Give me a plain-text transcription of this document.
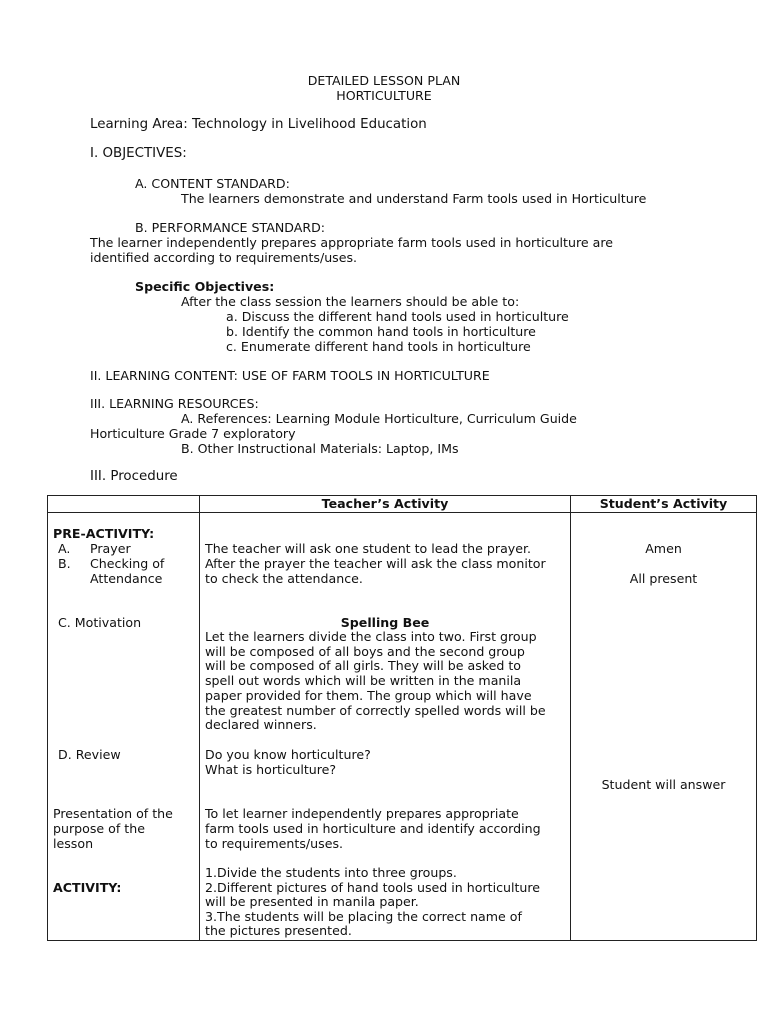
DETAILED LESSON PLAN
HORTICULTURE
Learning Area: Technology in Livelihood Education
I. OBJECTIVES:
A. CONTENT STANDARD:
The learners demonstrate and understand Farm tools used in Horticulture
B. PERFORMANCE STANDARD:
The learner independently prepares appropriate farm tools used in horticulture are
identified according to requirements/uses.
Specific Objectives:
After the class session the learners should be able to:
a. Discuss the different hand tools used in horticulture
b. Identify the common hand tools in horticulture
c. Enumerate different hand tools in horticulture
II. LEARNING CONTENT: USE OF FARM TOOLS IN HORTICULTURE
III. LEARNING RESOURCES:
A. References: Learning Module Horticulture, Curriculum Guide
Horticulture Grade 7 exploratory
B. Other Instructional Materials: Laptop, IMs
III. Procedure
Teacher’s Activity	Student’s Activity
PRE-ACTIVITY:
A. Prayer
B. Checking of
Attendance
C. Motivation
D. Review
Presentation of the
purpose of the
lesson
ACTIVITY:
The teacher will ask one student to lead the prayer.
After the prayer the teacher will ask the class monitor
to check the attendance.
Spelling Bee
Let the learners divide the class into two. First group
will be composed of all boys and the second group
will be composed of all girls. They will be asked to
spell out words which will be written in the manila
paper provided for them. The group which will have
the greatest number of correctly spelled words will be
declared winners.
Do you know horticulture?
What is horticulture?
To let learner independently prepares appropriate
farm tools used in horticulture and identify according
to requirements/uses.
1.Divide the students into three groups.
2.Different pictures of hand tools used in horticulture
will be presented in manila paper.
3.The students will be placing the correct name of
the pictures presented.
Amen
All present
Student will answer
